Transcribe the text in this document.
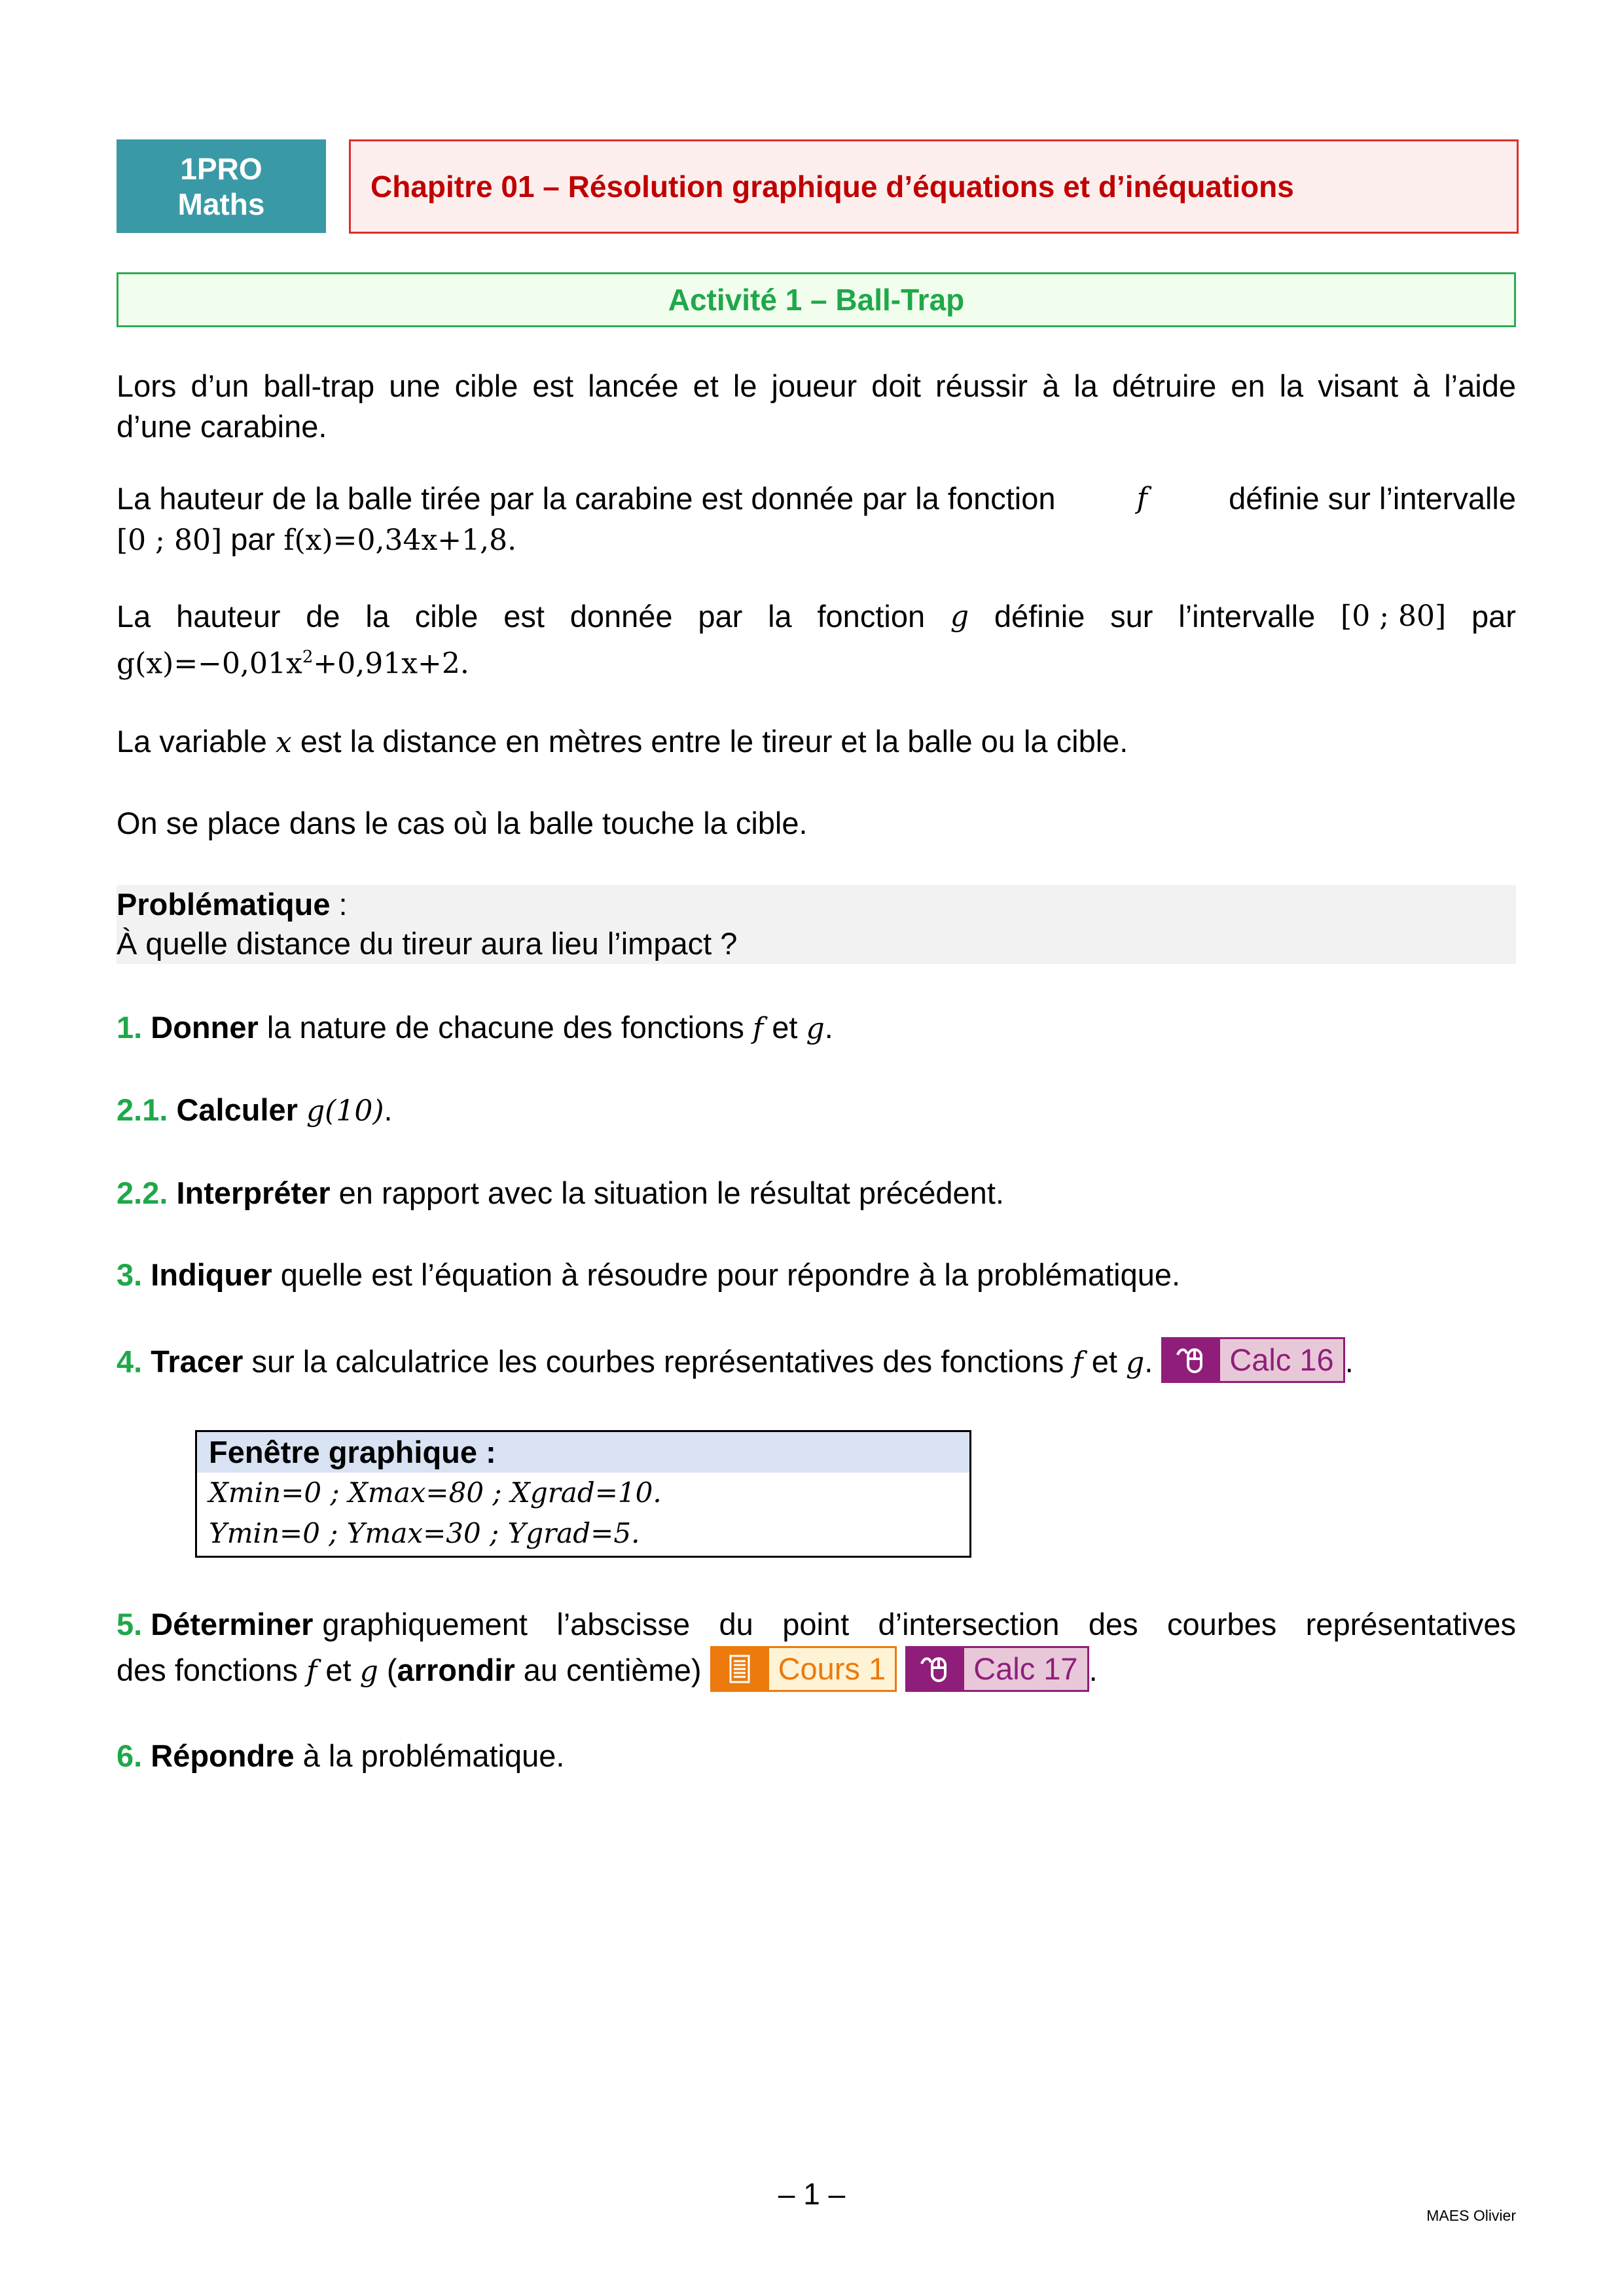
1PRO
Maths
Chapitre 01 – Résolution graphique d’équations et d’inéquations
Activité 1 – Ball-Trap
Lors d’un ball-trap une cible est lancée et le joueur doit réussir à la détruire en la visant à l’aide
d’une carabine.
La hauteur de la balle tirée par la carabine est donnée par la fonction	f	définie sur l’intervalle
[0 ; 80] par f(x)=0,34x+1,8.
La hauteur de la cible est donnée par la fonction g définie sur l’intervalle [0 ; 80] par
$g(x)=-0,01x^2+0,91x+2$.
La variable x est la distance en mètres entre le tireur et la balle ou la cible.
On se place dans le cas où la balle touche la cible.
Problématique :
À quelle distance du tireur aura lieu l’impact ?
1. Donner la nature de chacune des fonctions f et g.
2.1. Calculer g(10).
2.2. Interpréter en rapport avec la situation le résultat précédent.
3. Indiquer quelle est l’équation à résoudre pour répondre à la problématique.
4. Tracer sur la calculatrice les courbes représentatives des fonctions f et g. Calc 16 .
Fenêtre graphique :
Xmin=0 ; Xmax=80 ; Xgrad=10.
Ymin=0 ; Ymax=30 ; Ygrad=5.
5. Déterminer graphiquement l’abscisse du point d’intersection des courbes représentatives
des fonctions f et g (arrondir au centième) Cours 1
	Calc 17 .
6. Répondre à la problématique.
– 1 –
MAES Olivier
